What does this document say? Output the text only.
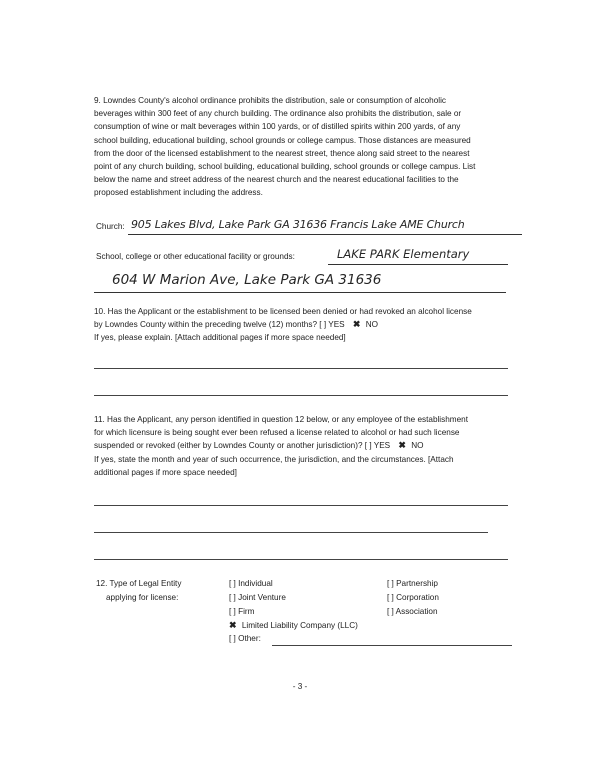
9. Lowndes County's alcohol ordinance prohibits the distribution, sale or consumption of alcoholic
beverages within 300 feet of any church building. The ordinance also prohibits the distribution, sale or
consumption of wine or malt beverages within 100 yards, or of distilled spirits within 200 yards, of any
school building, educational building, school grounds or college campus. Those distances are measured
from the door of the licensed establishment to the nearest street, thence along said street to the nearest
point of any church building, school building, educational building, school grounds or college campus. List
below the name and street address of the nearest church and the nearest educational facilities to the
proposed establishment including the address.
Church: 905 Lakes Blvd, Lake Park GA 31636 Francis Lake AME Church
School, college or other educational facility or grounds:	LAKE PARK Elementary
604 W Marion Ave, Lake Park GA 31636
10. Has the Applicant or the establishment to be licensed been denied or had revoked an alcohol license
by Lowndes County within the preceding twelve (12) months? [ ] YES ✖ NO
If yes, please explain. [Attach additional pages if more space needed]
11. Has the Applicant, any person identified in question 12 below, or any employee of the establishment
for which licensure is being sought ever been refused a license related to alcohol or had such license
suspended or revoked (either by Lowndes County or another jurisdiction)? [ ] YES ✖ NO
If yes, state the month and year of such occurrence, the jurisdiction, and the circumstances. [Attach
additional pages if more space needed]
12. Type of Legal Entity
applying for license:
[ ] Individual
[ ] Joint Venture
[ ] Firm
✖ Limited Liability Company (LLC)
[ ] Other:
[ ] Partnership
[ ] Corporation
[ ] Association
- 3 -
